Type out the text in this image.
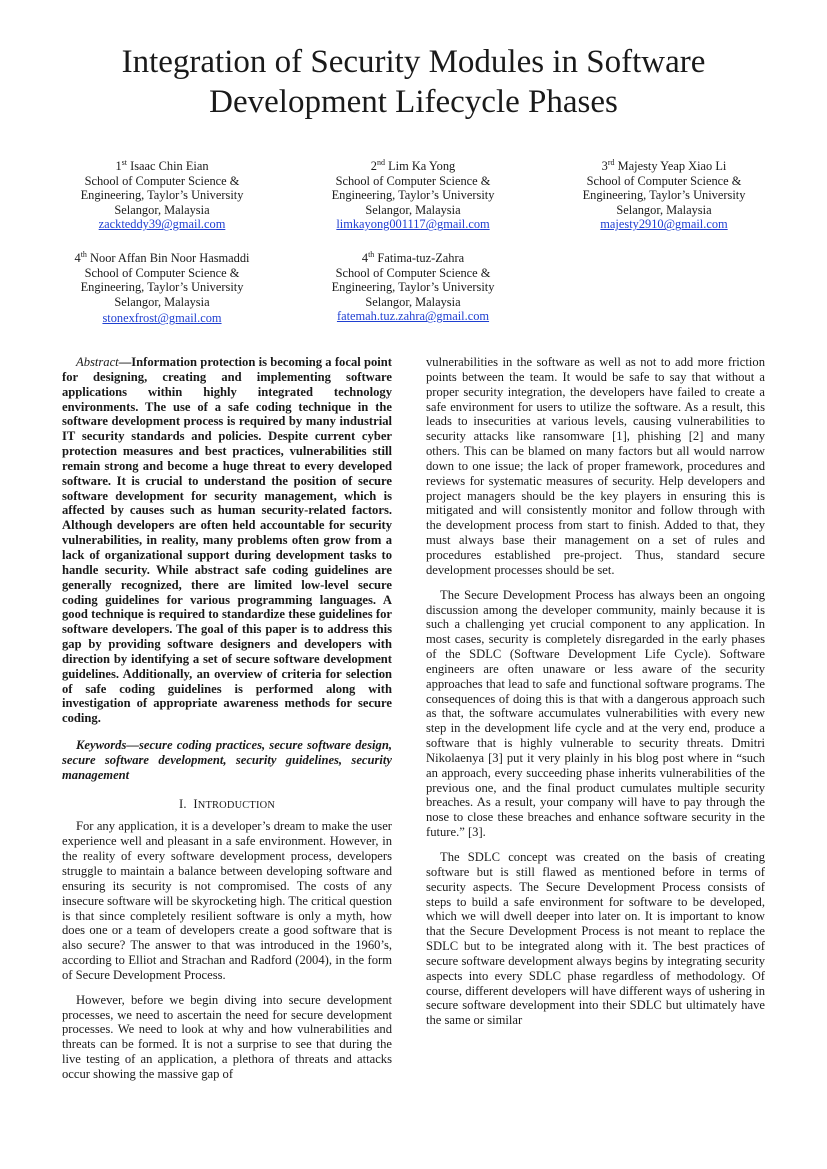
Integration of Security Modules in Software
Development Lifecycle Phases
1st Isaac Chin Eian
School of Computer Science &
Engineering, Taylor’s University
Selangor, Malaysia
zackteddy39@gmail.com
2nd Lim Ka Yong
School of Computer Science &
Engineering, Taylor’s University
Selangor, Malaysia
limkayong001117@gmail.com
3rd Majesty Yeap Xiao Li
School of Computer Science &
Engineering, Taylor’s University
Selangor, Malaysia
majesty2910@gmail.com
4th Noor Affan Bin Noor Hasmaddi
School of Computer Science &
Engineering, Taylor’s University
Selangor, Malaysia
stonexfrost@gmail.com
4th Fatima-tuz-Zahra
School of Computer Science &
Engineering, Taylor’s University
Selangor, Malaysia
fatemah.tuz.zahra@gmail.com

Abstract—Information protection is becoming a focal point for designing, creating and implementing software applications within highly integrated technology environments. The use of a safe coding technique in the software development process is required by many industrial IT security standards and policies. Despite current cyber protection measures and best practices, vulnerabilities still remain strong and become a huge threat to every developed software. It is crucial to understand the position of secure software development for security management, which is affected by causes such as human security-related factors. Although developers are often held accountable for security vulnerabilities, in reality, many problems often grow from a lack of organizational support during development tasks to handle security. While abstract safe coding guidelines are generally recognized, there are limited low-level secure coding guidelines for various programming languages. A good technique is required to standardize these guidelines for software developers. The goal of this paper is to address this gap by providing software designers and developers with direction by identifying a set of secure software development guidelines. Additionally, an overview of criteria for selection of safe coding guidelines is performed along with investigation of appropriate awareness methods for secure coding.

Keywords—secure coding practices, secure software design, secure software development, security guidelines, security management

I. INTRODUCTION

For any application, it is a developer’s dream to make the user experience well and pleasant in a safe environment. However, in the reality of every software development process, developers struggle to maintain a balance between developing software and ensuring its security is not compromised. The costs of any insecure software will be skyrocketing high. The critical question is that since completely resilient software is only a myth, how does one or a team of developers create a good software that is also secure? The answer to that was introduced in the 1960’s, according to Elliot and Strachan and Radford (2004), in the form of Secure Development Process.

However, before we begin diving into secure development processes, we need to ascertain the need for secure development processes. We need to look at why and how vulnerabilities and threats can be formed. It is not a surprise to see that during the live testing of an application, a plethora of threats and attacks occur showing the massive gap of

vulnerabilities in the software as well as not to add more friction points between the team. It would be safe to say that without a proper security integration, the developers have failed to create a safe environment for users to utilize the software. As a result, this leads to insecurities at various levels, causing vulnerabilities to security attacks like ransomware [1], phishing [2] and many others. This can be blamed on many factors but all would narrow down to one issue; the lack of proper framework, procedures and reviews for systematic measures of security. Help developers and project managers should be the key players in ensuring this is mitigated and will consistently monitor and follow through with the development process from start to finish. Added to that, they must always base their management on a set of rules and procedures established pre-project. Thus, standard secure development processes should be set.

The Secure Development Process has always been an ongoing discussion among the developer community, mainly because it is such a challenging yet crucial component to any application. In most cases, security is completely disregarded in the early phases of the SDLC (Software Development Life Cycle). Software engineers are often unaware or less aware of the security approaches that lead to safe and functional software programs. The consequences of doing this is that with a dangerous approach such as that, the software accumulates vulnerabilities with every new step in the development life cycle and at the very end, produce a software that is highly vulnerable to security threats. Dmitri Nikolaenya [3] put it very plainly in his blog post where in “such an approach, every succeeding phase inherits vulnerabilities of the previous one, and the final product cumulates multiple security breaches. As a result, your company will have to pay through the nose to close these breaches and enhance software security in the future.” [3].

The SDLC concept was created on the basis of creating software but is still flawed as mentioned before in terms of security aspects. The Secure Development Process consists of steps to build a safe environment for software to be developed, which we will dwell deeper into later on. It is important to know that the Secure Development Process is not meant to replace the SDLC but to be integrated along with it. The best practices of secure software development always begins by integrating security aspects into every SDLC phase regardless of methodology. Of course, different developers will have different ways of ushering in secure software development into their SDLC but ultimately have the same or similar
